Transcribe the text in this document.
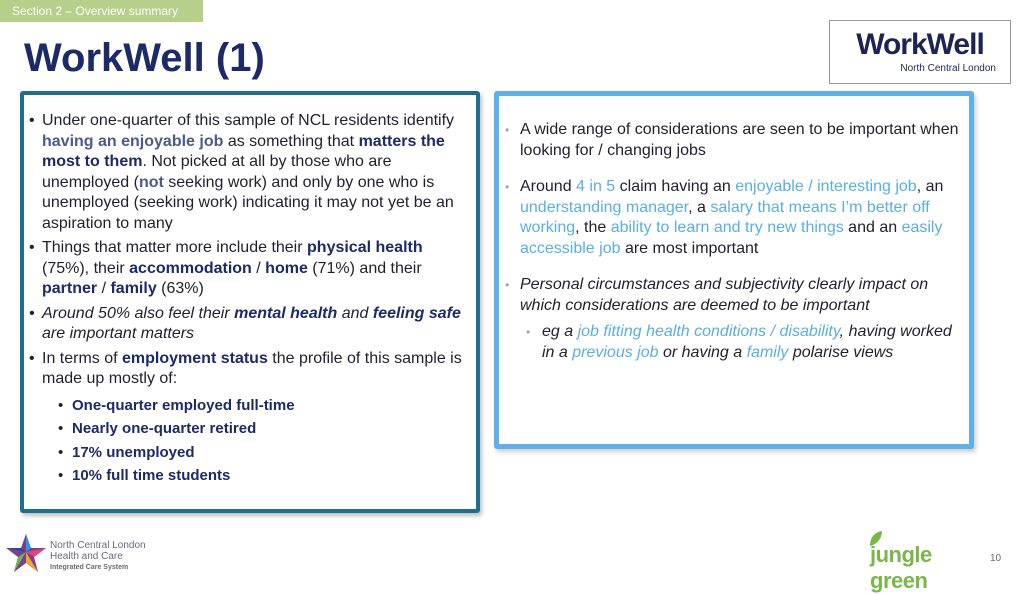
Section 2 – Overview summary
WorkWell (1)	WorkWell
North Central London
• Under one-quarter of this sample of NCL residents identify having an enjoyable job as something that matters the most to them. Not picked at all by those who are unemployed (not seeking work) and only by one who is unemployed (seeking work) indicating it may not yet be an aspiration to many
• Things that matter more include their physical health (75%), their accommodation / home (71%) and their partner / family (63%)
• Around 50% also feel their mental health and feeling safe are important matters
• In terms of employment status the profile of this sample is made up mostly of:
• One-quarter employed full-time
• Nearly one-quarter retired
• 17% unemployed
• 10% full time students
• A wide range of considerations are seen to be important when looking for / changing jobs
• Around 4 in 5 claim having an enjoyable / interesting job, an understanding manager, a salary that means I’m better off working, the ability to learn and try new things and an easily accessible job are most important
• Personal circumstances and subjectivity clearly impact on which considerations are deemed to be important
• eg a job fitting health conditions / disability, having worked in a previous job or having a family polarise views
North Central London
Health and Care
Integrated Care System
jungle green
10
